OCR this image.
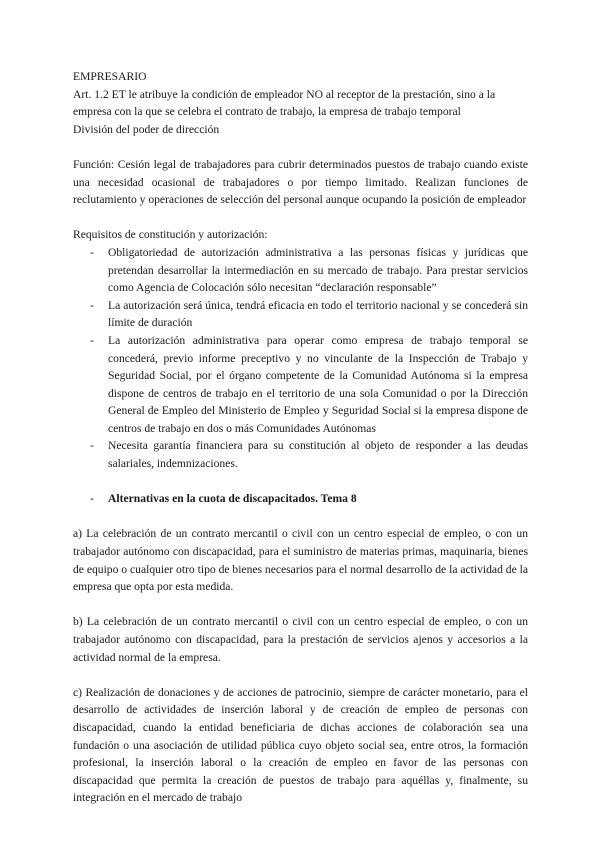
EMPRESARIO
Art. 1.2 ET le atribuye la condición de empleador NO al receptor de la prestación, sino a la empresa con la que se celebra el contrato de trabajo, la empresa de trabajo temporal
División del poder de dirección
Función: Cesión legal de trabajadores para cubrir determinados puestos de trabajo cuando existe una necesidad ocasional de trabajadores o por tiempo limitado. Realizan funciones de reclutamiento y operaciones de selección del personal aunque ocupando la posición de empleador
Requisitos de constitución y autorización:
- Obligatoriedad de autorización administrativa a las personas físicas y jurídicas que pretendan desarrollar la intermediación en su mercado de trabajo. Para prestar servicios como Agencia de Colocación sólo necesitan “declaración responsable”
- La autorización será única, tendrá eficacia en todo el territorio nacional y se concederá sin límite de duración
- La autorización administrativa para operar como empresa de trabajo temporal se concederá, previo informe preceptivo y no vinculante de la Inspección de Trabajo y Seguridad Social, por el órgano competente de la Comunidad Autónoma si la empresa dispone de centros de trabajo en el territorio de una sola Comunidad o por la Dirección General de Empleo del Ministerio de Empleo y Seguridad Social si la empresa dispone de centros de trabajo en dos o más Comunidades Autónomas
- Necesita garantía financiera para su constitución al objeto de responder a las deudas salariales, indemnizaciones.
- Alternativas en la cuota de discapacitados. Tema 8
a) La celebración de un contrato mercantil o civil con un centro especial de empleo, o con un trabajador autónomo con discapacidad, para el suministro de materias primas, maquinaria, bienes de equipo o cualquier otro tipo de bienes necesarios para el normal desarrollo de la actividad de la empresa que opta por esta medida.
b) La celebración de un contrato mercantil o civil con un centro especial de empleo, o con un trabajador autónomo con discapacidad, para la prestación de servicios ajenos y accesorios a la actividad normal de la empresa.
c) Realización de donaciones y de acciones de patrocinio, siempre de carácter monetario, para el desarrollo de actividades de inserción laboral y de creación de empleo de personas con discapacidad, cuando la entidad beneficiaria de dichas acciones de colaboración sea una fundación o una asociación de utilidad pública cuyo objeto social sea, entre otros, la formación profesional, la inserción laboral o la creación de empleo en favor de las personas con discapacidad que permita la creación de puestos de trabajo para aquéllas y, finalmente, su integración en el mercado de trabajo
